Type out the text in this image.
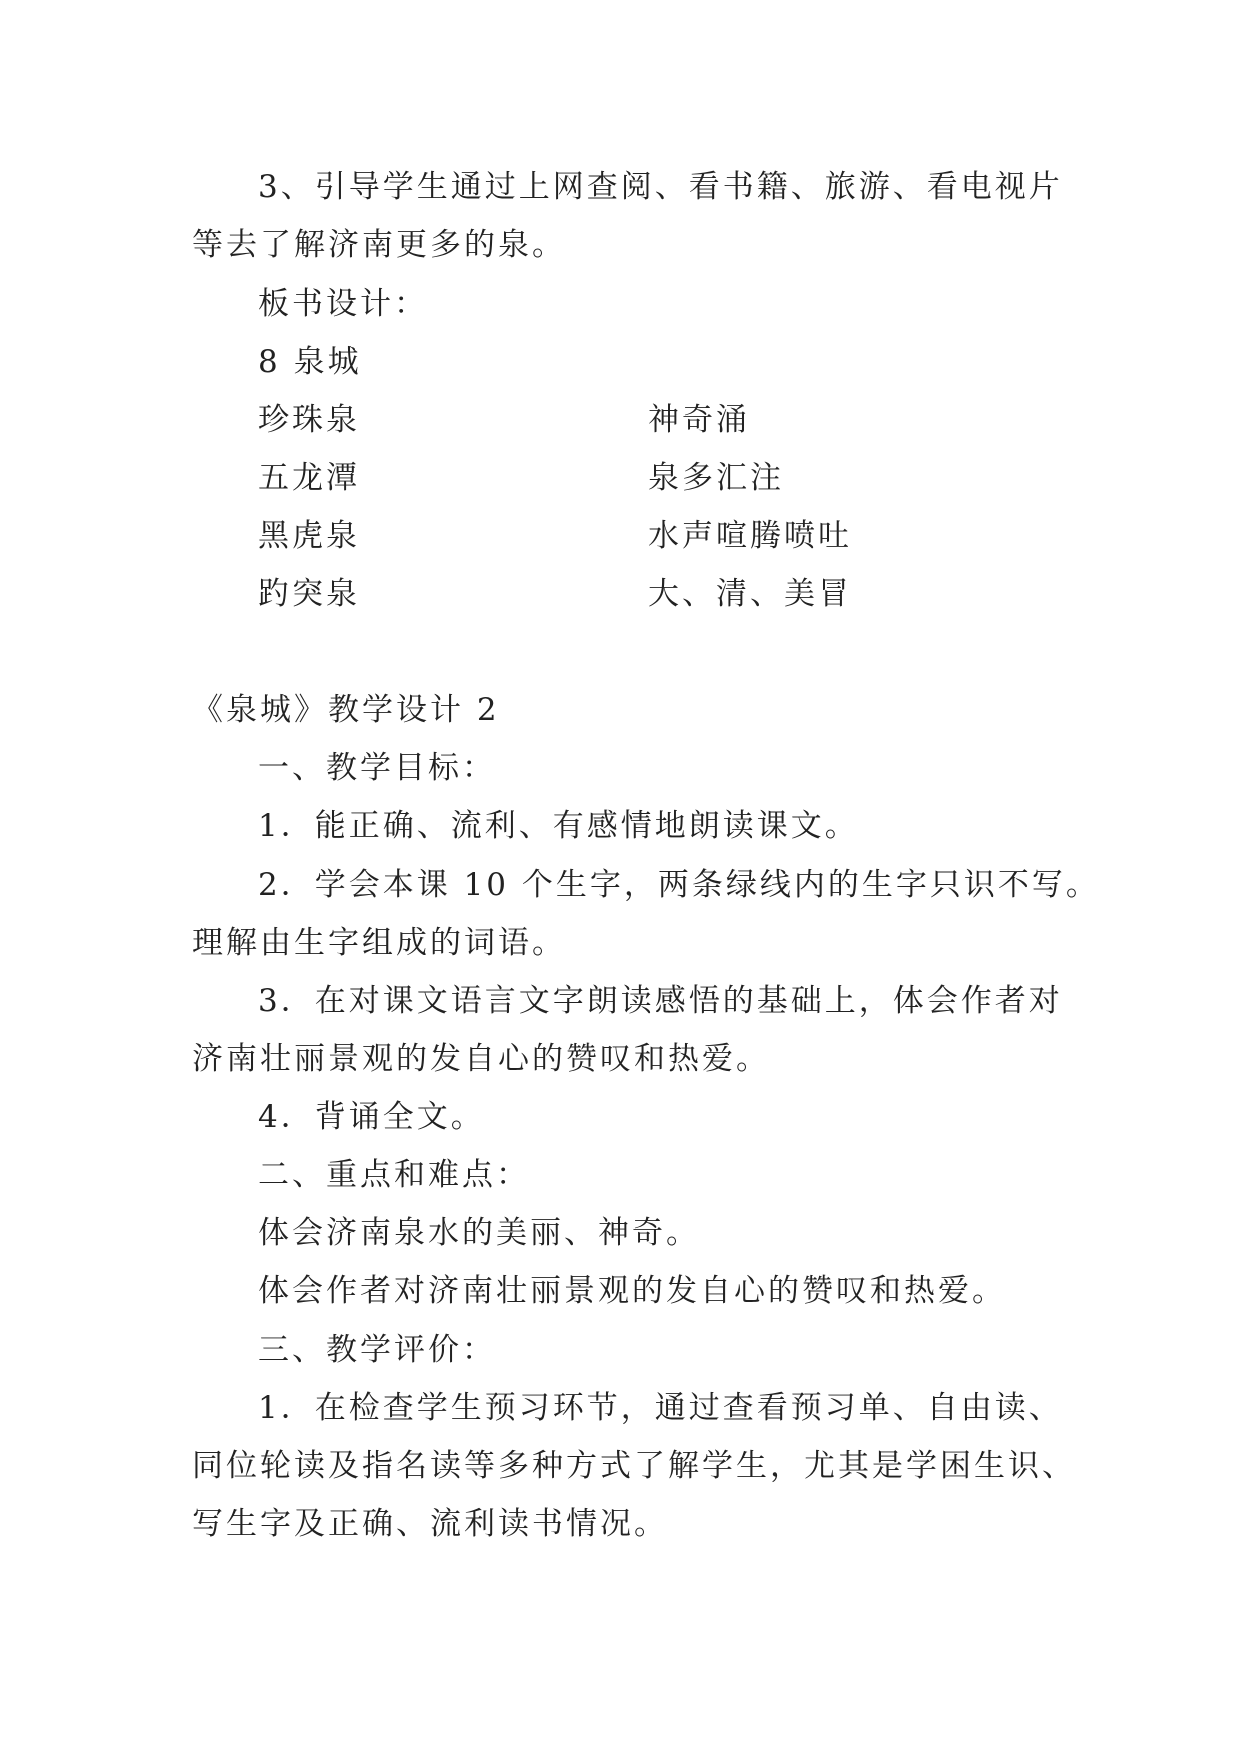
3、引导学生通过上网查阅、看书籍、旅游、看电视片
等去了解济南更多的泉。
板书设计：
8 泉城
珍珠泉	神奇涌
五龙潭	泉多汇注
黑虎泉	水声喧腾喷吐
趵突泉	大、清、美冒
《泉城》教学设计 2
一、教学目标：
1．能正确、流利、有感情地朗读课文。
2．学会本课 10 个生字，两条绿线内的生字只识不写。
理解由生字组成的词语。
3．在对课文语言文字朗读感悟的基础上，体会作者对
济南壮丽景观的发自心的赞叹和热爱。
4．背诵全文。
二、重点和难点：
体会济南泉水的美丽、神奇。
体会作者对济南壮丽景观的发自心的赞叹和热爱。
三、教学评价：
1．在检查学生预习环节，通过查看预习单、自由读、
同位轮读及指名读等多种方式了解学生，尤其是学困生识、
写生字及正确、流利读书情况。
